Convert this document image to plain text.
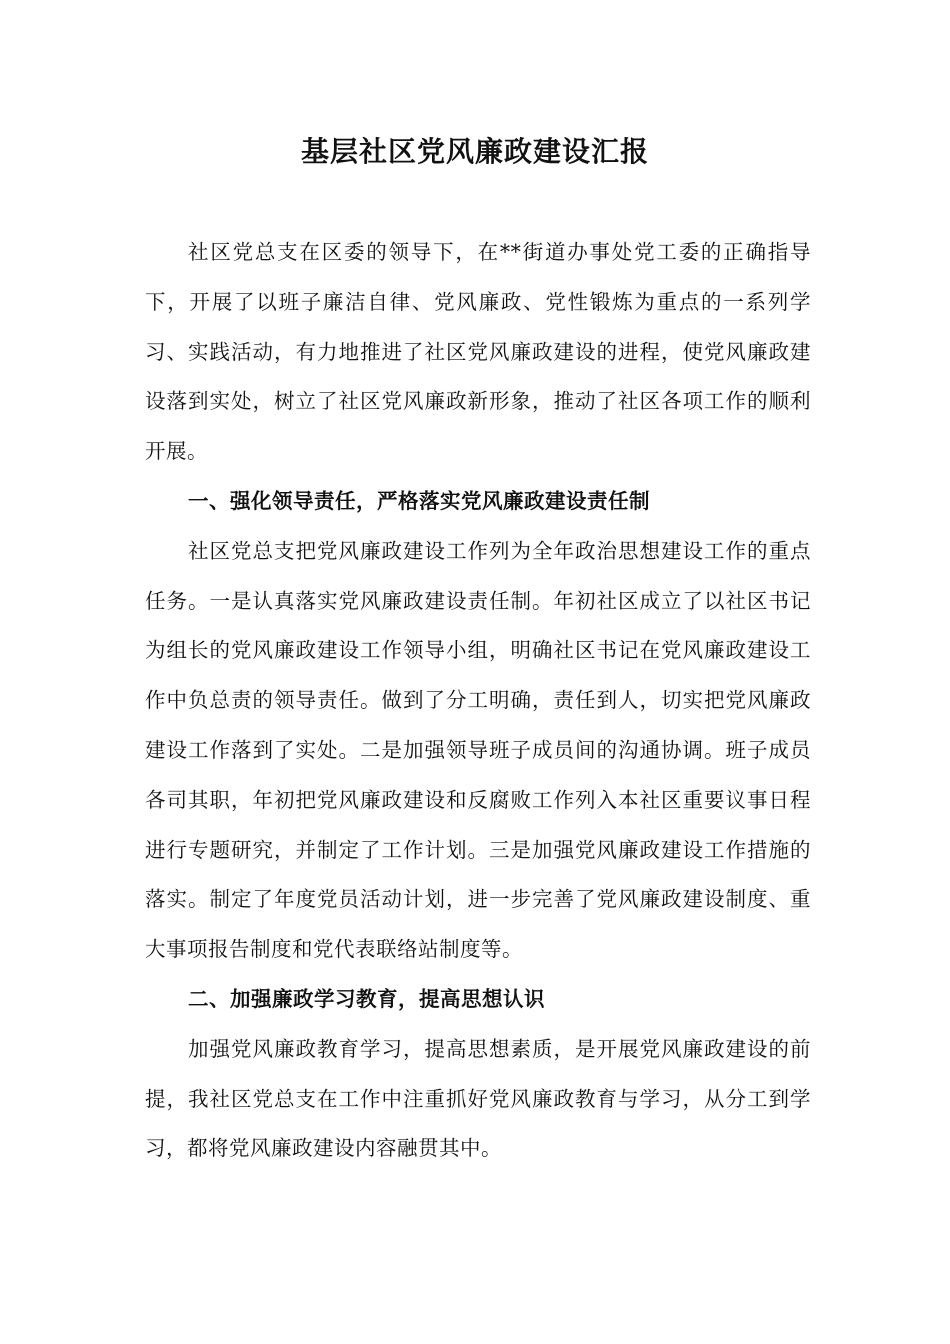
基层社区党风廉政建设汇报

社区党总支在区委的领导下，在**街道办事处党工委的正确指导下，开展了以班子廉洁自律、党风廉政、党性锻炼为重点的一系列学习、实践活动，有力地推进了社区党风廉政建设的进程，使党风廉政建设落到实处，树立了社区党风廉政新形象，推动了社区各项工作的顺利开展。

一、强化领导责任，严格落实党风廉政建设责任制

社区党总支把党风廉政建设工作列为全年政治思想建设工作的重点任务。一是认真落实党风廉政建设责任制。年初社区成立了以社区书记为组长的党风廉政建设工作领导小组，明确社区书记在党风廉政建设工作中负总责的领导责任。做到了分工明确，责任到人，切实把党风廉政建设工作落到了实处。二是加强领导班子成员间的沟通协调。班子成员各司其职，年初把党风廉政建设和反腐败工作列入本社区重要议事日程进行专题研究，并制定了工作计划。三是加强党风廉政建设工作措施的落实。制定了年度党员活动计划，进一步完善了党风廉政建设制度、重大事项报告制度和党代表联络站制度等。

二、加强廉政学习教育，提高思想认识

加强党风廉政教育学习，提高思想素质，是开展党风廉政建设的前提，我社区党总支在工作中注重抓好党风廉政教育与学习，从分工到学习，都将党风廉政建设内容融贯其中。
